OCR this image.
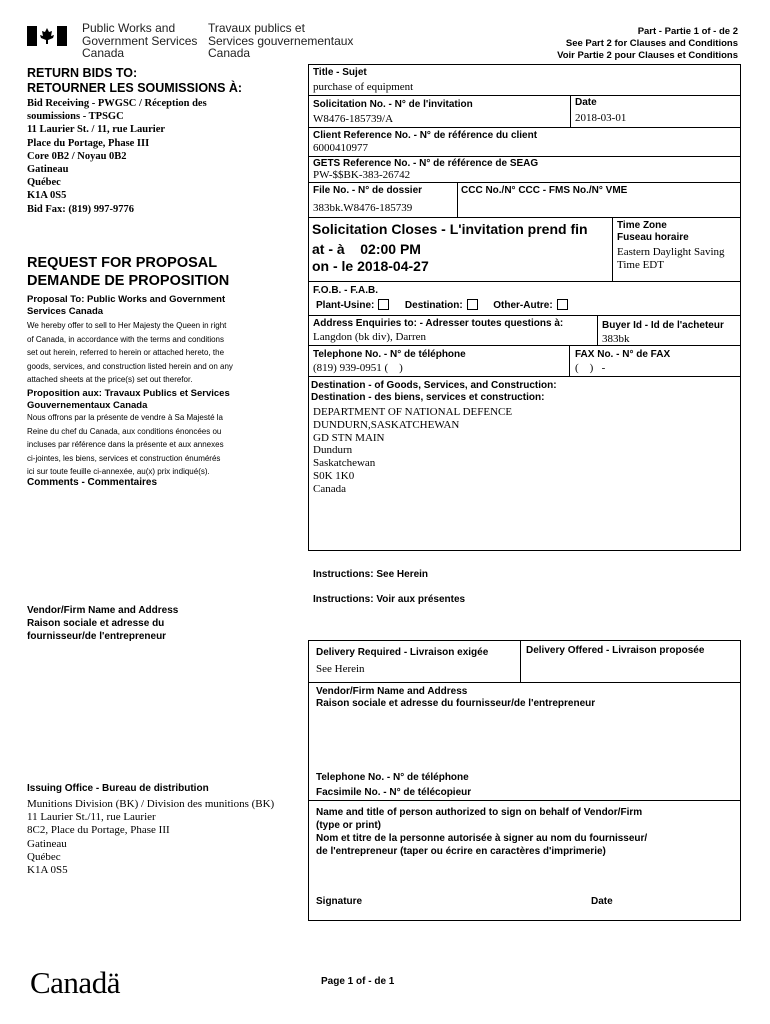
Public Works and
Government Services
Canada
Travaux publics et
Services gouvernementaux
Canada
Part - Partie 1 of - de 2
See Part 2 for Clauses and Conditions
Voir Partie 2 pour Clauses et Conditions
RETURN BIDS TO:
RETOURNER LES SOUMISSIONS À:
Bid Receiving - PWGSC / Réception des
soumissions - TPSGC
11 Laurier St. / 11, rue Laurier
Place du Portage, Phase III
Core 0B2 / Noyau 0B2
Gatineau
Québec
K1A 0S5
Bid Fax: (819) 997-9776
REQUEST FOR PROPOSAL
DEMANDE DE PROPOSITION
Proposal To: Public Works and Government
Services Canada
We hereby offer to sell to Her Majesty the Queen in right
of Canada, in accordance with the terms and conditions
set out herein, referred to herein or attached hereto, the
goods, services, and construction listed herein and on any
attached sheets at the price(s) set out therefor.
Proposition aux: Travaux Publics et Services
Gouvernementaux Canada
Nous offrons par la présente de vendre à Sa Majesté la
Reine du chef du Canada, aux conditions énoncées ou
incluses par référence dans la présente et aux annexes
ci-jointes, les biens, services et construction énumérés
ici sur toute feuille ci-annexée, au(x) prix indiqué(s).
Comments - Commentaires
Vendor/Firm Name and Address
Raison sociale et adresse du
fournisseur/de l'entrepreneur
Issuing Office - Bureau de distribution
Munitions Division (BK) / Division des munitions (BK)
11 Laurier St./11, rue Laurier
8C2, Place du Portage, Phase III
Gatineau
Québec
K1A 0S5
Title - Sujet
purchase of equipment
Solicitation No. - N° de l'invitation
W8476-185739/A
Date
2018-03-01
Client Reference No. - N° de référence du client
6000410977
GETS Reference No. - N° de référence de SEAG
PW-$$BK-383-26742
File No. - N° de dossier
383bk.W8476-185739
CCC No./N° CCC - FMS No./N° VME
Solicitation Closes - L'invitation prend fin
at - à 02:00 PM
on - le 2018-04-27
Time Zone
Fuseau horaire
Eastern Daylight Saving
Time EDT
F.O.B. - F.A.B.
Plant-Usine:	Destination:	Other-Autre:
Address Enquiries to: - Adresser toutes questions à:
Langdon (bk div), Darren
Buyer Id - Id de l'acheteur
383bk
Telephone No. - N° de téléphone
(819) 939-0951 (    )
FAX No. - N° de FAX
(    )   -
Destination - of Goods, Services, and Construction:
Destination - des biens, services et construction:
DEPARTMENT OF NATIONAL DEFENCE
DUNDURN,SASKATCHEWAN
GD STN MAIN
Dundurn
Saskatchewan
S0K 1K0
Canada
Instructions: See Herein
Instructions: Voir aux présentes
Delivery Required - Livraison exigée
See Herein
Delivery Offered - Livraison proposée
Vendor/Firm Name and Address
Raison sociale et adresse du fournisseur/de l'entrepreneur
Telephone No. - N° de téléphone
Facsimile No. - N° de télécopieur
Name and title of person authorized to sign on behalf of Vendor/Firm
(type or print)
Nom et titre de la personne autorisée à signer au nom du fournisseur/
de l'entrepreneur (taper ou écrire en caractères d'imprimerie)
Signature	Date
Canadä	Page 1 of - de 1
